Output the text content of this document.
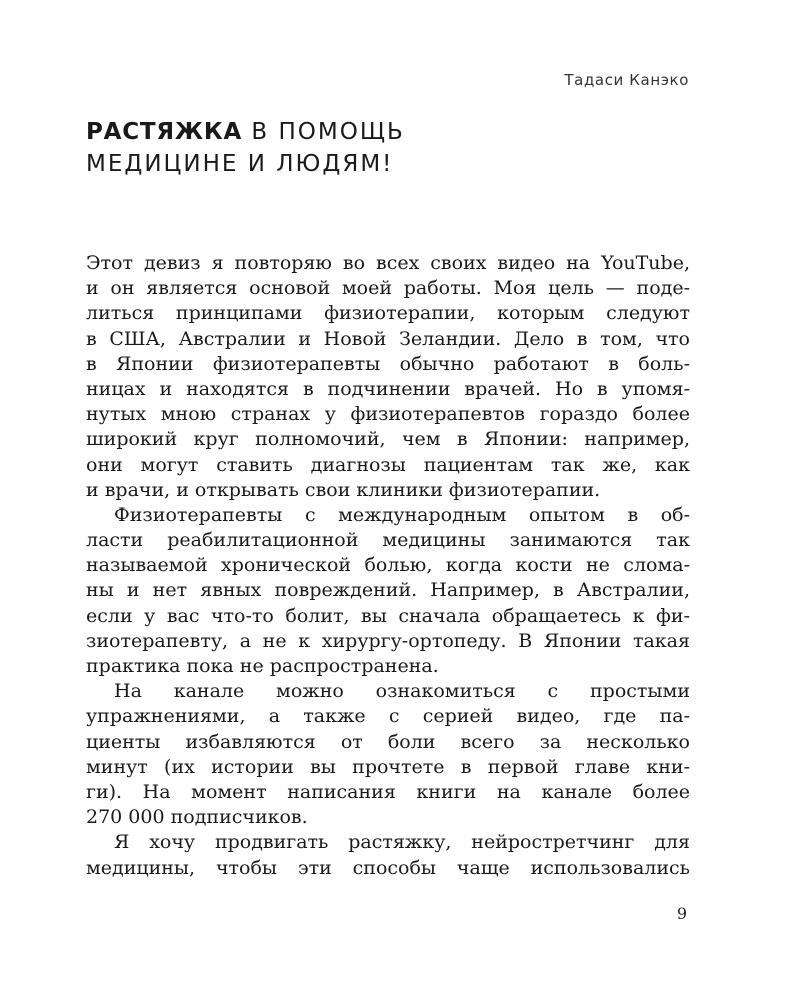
Тадаси Канэко
РАСТЯЖКА В ПОМОЩЬ
МЕДИЦИНЕ И ЛЮДЯМ!
Этот девиз я повторяю во всех своих видео на YouTube,
и он является основой моей работы. Моя цель — поде-
литься принципами физиотерапии, которым следуют
в США, Австралии и Новой Зеландии. Дело в том, что
в Японии физиотерапевты обычно работают в боль-
ницах и находятся в подчинении врачей. Но в упомя-
нутых мною странах у физиотерапевтов гораздо более
широкий круг полномочий, чем в Японии: например,
они могут ставить диагнозы пациентам так же, как
и врачи, и открывать свои клиники физиотерапии.
Физиотерапевты с международным опытом в об-
ласти реабилитационной медицины занимаются так
называемой хронической болью, когда кости не слома-
ны и нет явных повреждений. Например, в Австралии,
если у вас что-то болит, вы сначала обращаетесь к фи-
зиотерапевту, а не к хирургу-ортопеду. В Японии такая
практика пока не распространена.
На канале можно ознакомиться с простыми
упражнениями, а также с серией видео, где па-
циенты избавляются от боли всего за несколько
минут (их истории вы прочтете в первой главе кни-
ги). На момент написания книги на канале более
270 000 подписчиков.
Я хочу продвигать растяжку, нейростретчинг для
медицины, чтобы эти способы чаще использовались
9
